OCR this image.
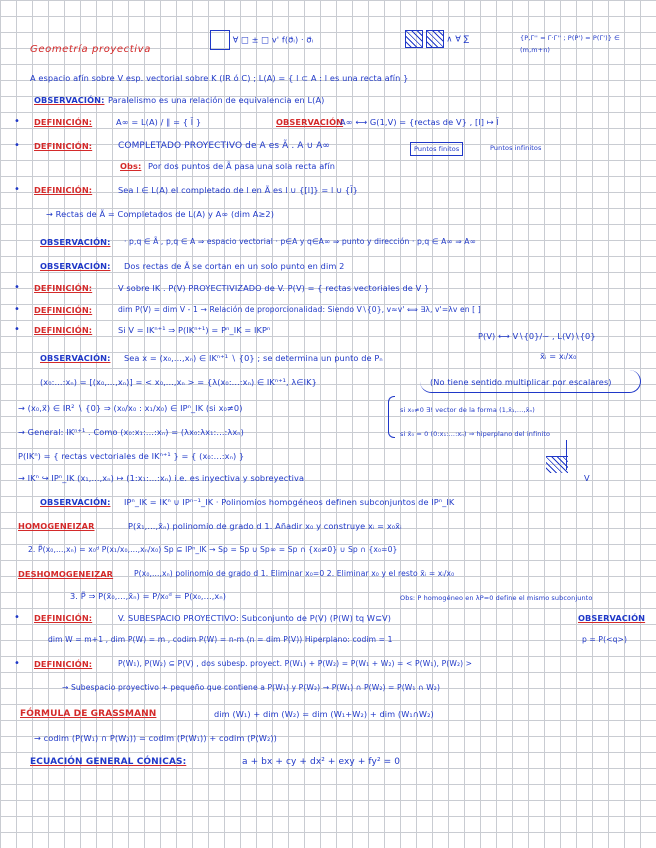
Geometría proyectiva
∀ □ ± □ v' f(σ⃗ᵢ) · σ⃗ᵢ	∧ ∀ ∑	{P,Γ'' = Γ·Γ'' ; P(P') = P(Γ')} ∈ (m,m+n)
A espacio afín sobre V esp. vectorial sobre K (IR ó C) ; L(A) = { l ⊂ A : l es una recta afín }
OBSERVACIÓN: Paralelismo es una relación de equivalencia en L(A)
• DEFINICIÓN:	A∞ = L(A) / ∥ = { l̄ }	OBSERVACIÓN
A∞ ⟷ G(1,V) = {rectas de V} , [l] ↦ l̄
• DEFINICIÓN:	COMPLETADO PROYECTIVO de A es Ã . A ∪ A∞	Puntos finitos	Puntos infinitos
Obs: Por dos puntos de Ã pasa una sola recta afín
• DEFINICIÓN:	Sea l ∈ L(A) el completado de l en Ã es l ∪ {[l]} = l ∪ {l̄}
→ Rectas de Ã = Completados de L(A) y A∞ (dim A≥2)
OBSERVACIÓN: · p,q ∈ Ã , p,q ∈ A ⇒ espacio vectorial · p∈A y q∈A∞ ⇒ punto y dirección · p,q ∈ A∞ ⇒ A∞
OBSERVACIÓN: Dos rectas de Ã se cortan en un solo punto en dim 2
• DEFINICIÓN:	V sobre IK . P(V) PROYECTIVIZADO de V. P(V) = { rectas vectoriales de V }
• DEFINICIÓN:	dim P(V) = dim V - 1 → Relación de proporcionalidad: Siendo V∖{0}, v≈v' ⟺ ∃λ, v'=λv en [ ]
• DEFINICIÓN:	Si V = IKⁿ⁺¹ ⇒ P(IKⁿ⁺¹) = Pⁿ_IK = IKPⁿ
P(V) ⟷ V∖{0}/∼ , L(V)∖{0}
OBSERVACIÓN: Sea x = (x₀,...,xₙ) ∈ IKⁿ⁺¹ ∖ {0} ; se determina un punto de Pₙ	x̄ᵢ = xᵢ/x₀
(x₀:...:xₙ) = [(x₀,...,xₙ)] = < x₀,...,xₙ > = {λ(x₀:...:xₙ) ∈ IKⁿ⁺¹, λ∈IK}	(No tiene sentido multiplicar por escalares)
→ (x₀,x⃗) ∈ IR² ∖ {0} ⇒ (x₀/x₀ : x₁/x₀) ∈ IPⁿ_IK (si x₀≠0)	si x₀≠0 ∃! vector de la forma (1,x̄₁,...,x̄ₙ)
→ General: IKⁿ⁺¹ . Como (x₀:x₁:...:xₙ) = (λx₀:λx₁:...:λxₙ)	si x̄₀ = 0 (0:x₁:...:xₙ) ⇒ hiperplano del infinito
P(IKⁿ) = { rectas vectoriales de IKⁿ⁺¹ } = { (x₀:...:xₙ) }
→ IKⁿ ↪ IPⁿ_IK (x₁,...,xₙ) ↦ (1:x₁:...:xₙ) i.e. es inyectiva y sobreyectiva	V
OBSERVACIÓN: IPⁿ_IK = IKⁿ ∪ IPⁿ⁻¹_IK · Polinomios homogéneos definen subconjuntos de IPⁿ_IK
HOMOGENEIZAR	P(x̄₁,...,x̄ₙ) polinomio de grado d 1. Añadir x₀ y construye xᵢ = x₀x̄ᵢ
2. P̃(x₀,...,xₙ) = x₀ᵈ P(x₁/x₀,...,xₙ/x₀) Sp ⊆ IPⁿ_IK → Sp = Sp ∪ Sp∞ = Sp ∩ {x₀≠0} ∪ Sp ∩ {x₀=0}
DESHOMOGENEIZAR	P(x₀,...,xₙ) polinomio de grado d 1. Eliminar x₀=0 2. Eliminar x₀ y el resto x̄ᵢ = xᵢ/x₀
3. P̃ ⇒ P(x̄₀,...,x̄ₙ) = P/x₀ᵈ = P(x₀,...,xₙ)	Obs: P homogéneo en λP=0 define el mismo subconjunto
• DEFINICIÓN:	V. SUBESPACIO PROYECTIVO: Subconjunto de P(V) (P(W) tq W⊆V)	OBSERVACIÓN
dim W = m+1 , dim P(W) = m , codim P(W) = n-m (n = dim P(V)) Hiperplano: codim = 1	p = P(<q>)
• DEFINICIÓN:	P(W₁), P(W₂) ⊆ P(V) , dos subesp. proyect. P(W₁) + P(W₂) = P(W₁ + W₂) = < P(W₁), P(W₂) >
→ Subespacio proyectivo + pequeño que contiene a P(W₁) y P(W₂) → P(W₁) ∩ P(W₂) = P(W₁ ∩ W₂)
FÓRMULA DE GRASSMANN	dim (W₁) + dim (W₂) = dim (W₁+W₂) + dim (W₁∩W₂)
→ codim (P(W₁) ∩ P(W₂)) = codim (P(W₁)) + codim (P(W₂))
ECUACIÓN GENERAL CÓNICAS:	a + bx + cy + dx² + exy + fy² = 0
